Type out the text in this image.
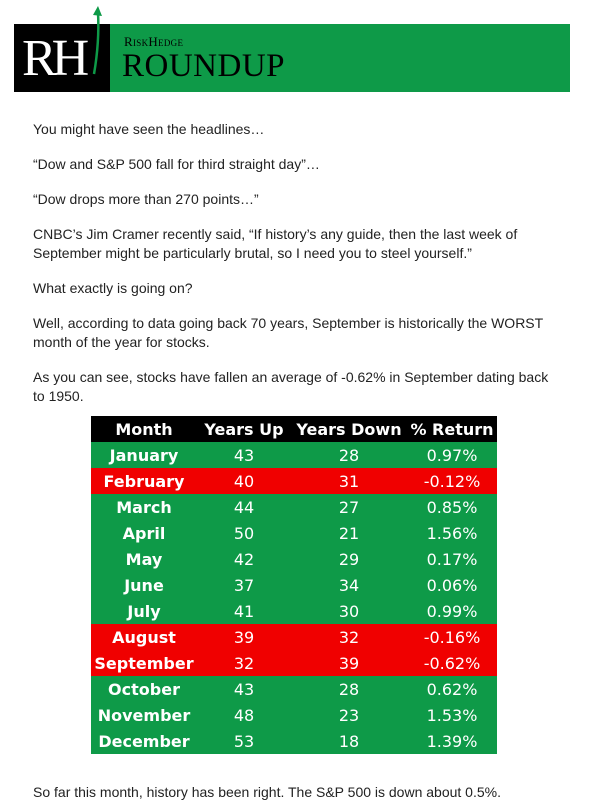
RH	RiskHedge
ROUNDUP

You might have seen the headlines…

“Dow and S&P 500 fall for third straight day”…

“Dow drops more than 270 points…”

CNBC’s Jim Cramer recently said, “If history’s any guide, then the last week of September might be particularly brutal, so I need you to steel yourself.”

What exactly is going on?

Well, according to data going back 70 years, September is historically the WORST month of the year for stocks.

As you can see, stocks have fallen an average of -0.62% in September dating back to 1950.

Month	Years Up	Years Down	% Return
January	43	28	0.97%
February	40	31	-0.12%
March	44	27	0.85%
April	50	21	1.56%
May	42	29	0.17%
June	37	34	0.06%
July	41	30	0.99%
August	39	32	-0.16%
September	32	39	-0.62%
October	43	28	0.62%
November	48	23	1.53%
December	53	18	1.39%
So far this month, history has been right. The S&P 500 is down about 0.5%.
